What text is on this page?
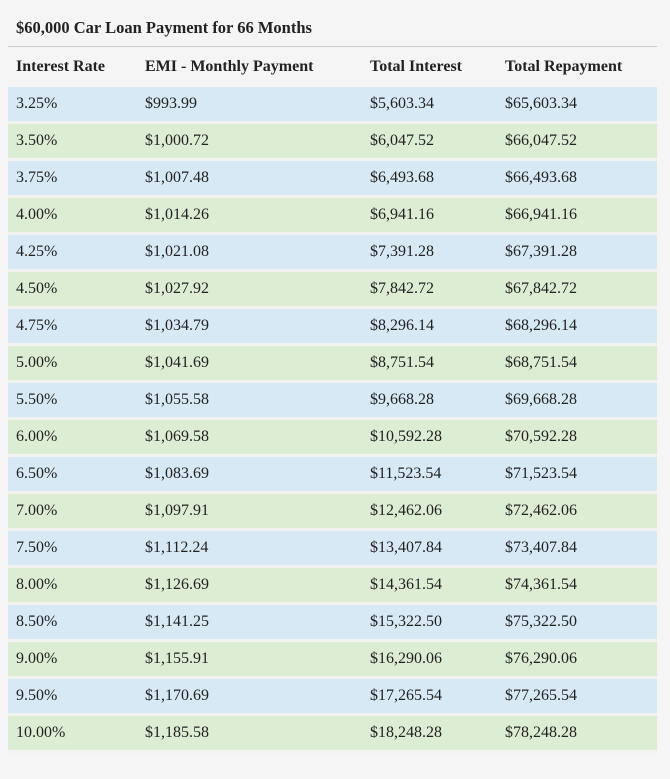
$60,000 Car Loan Payment for 66 Months
Interest Rate	EMI - Monthly Payment	Total Interest	Total Repayment
3.25%	$993.99	$5,603.34	$65,603.34
3.50%	$1,000.72	$6,047.52	$66,047.52
3.75%	$1,007.48	$6,493.68	$66,493.68
4.00%	$1,014.26	$6,941.16	$66,941.16
4.25%	$1,021.08	$7,391.28	$67,391.28
4.50%	$1,027.92	$7,842.72	$67,842.72
4.75%	$1,034.79	$8,296.14	$68,296.14
5.00%	$1,041.69	$8,751.54	$68,751.54
5.50%	$1,055.58	$9,668.28	$69,668.28
6.00%	$1,069.58	$10,592.28	$70,592.28
6.50%	$1,083.69	$11,523.54	$71,523.54
7.00%	$1,097.91	$12,462.06	$72,462.06
7.50%	$1,112.24	$13,407.84	$73,407.84
8.00%	$1,126.69	$14,361.54	$74,361.54
8.50%	$1,141.25	$15,322.50	$75,322.50
9.00%	$1,155.91	$16,290.06	$76,290.06
9.50%	$1,170.69	$17,265.54	$77,265.54
10.00%	$1,185.58	$18,248.28	$78,248.28
